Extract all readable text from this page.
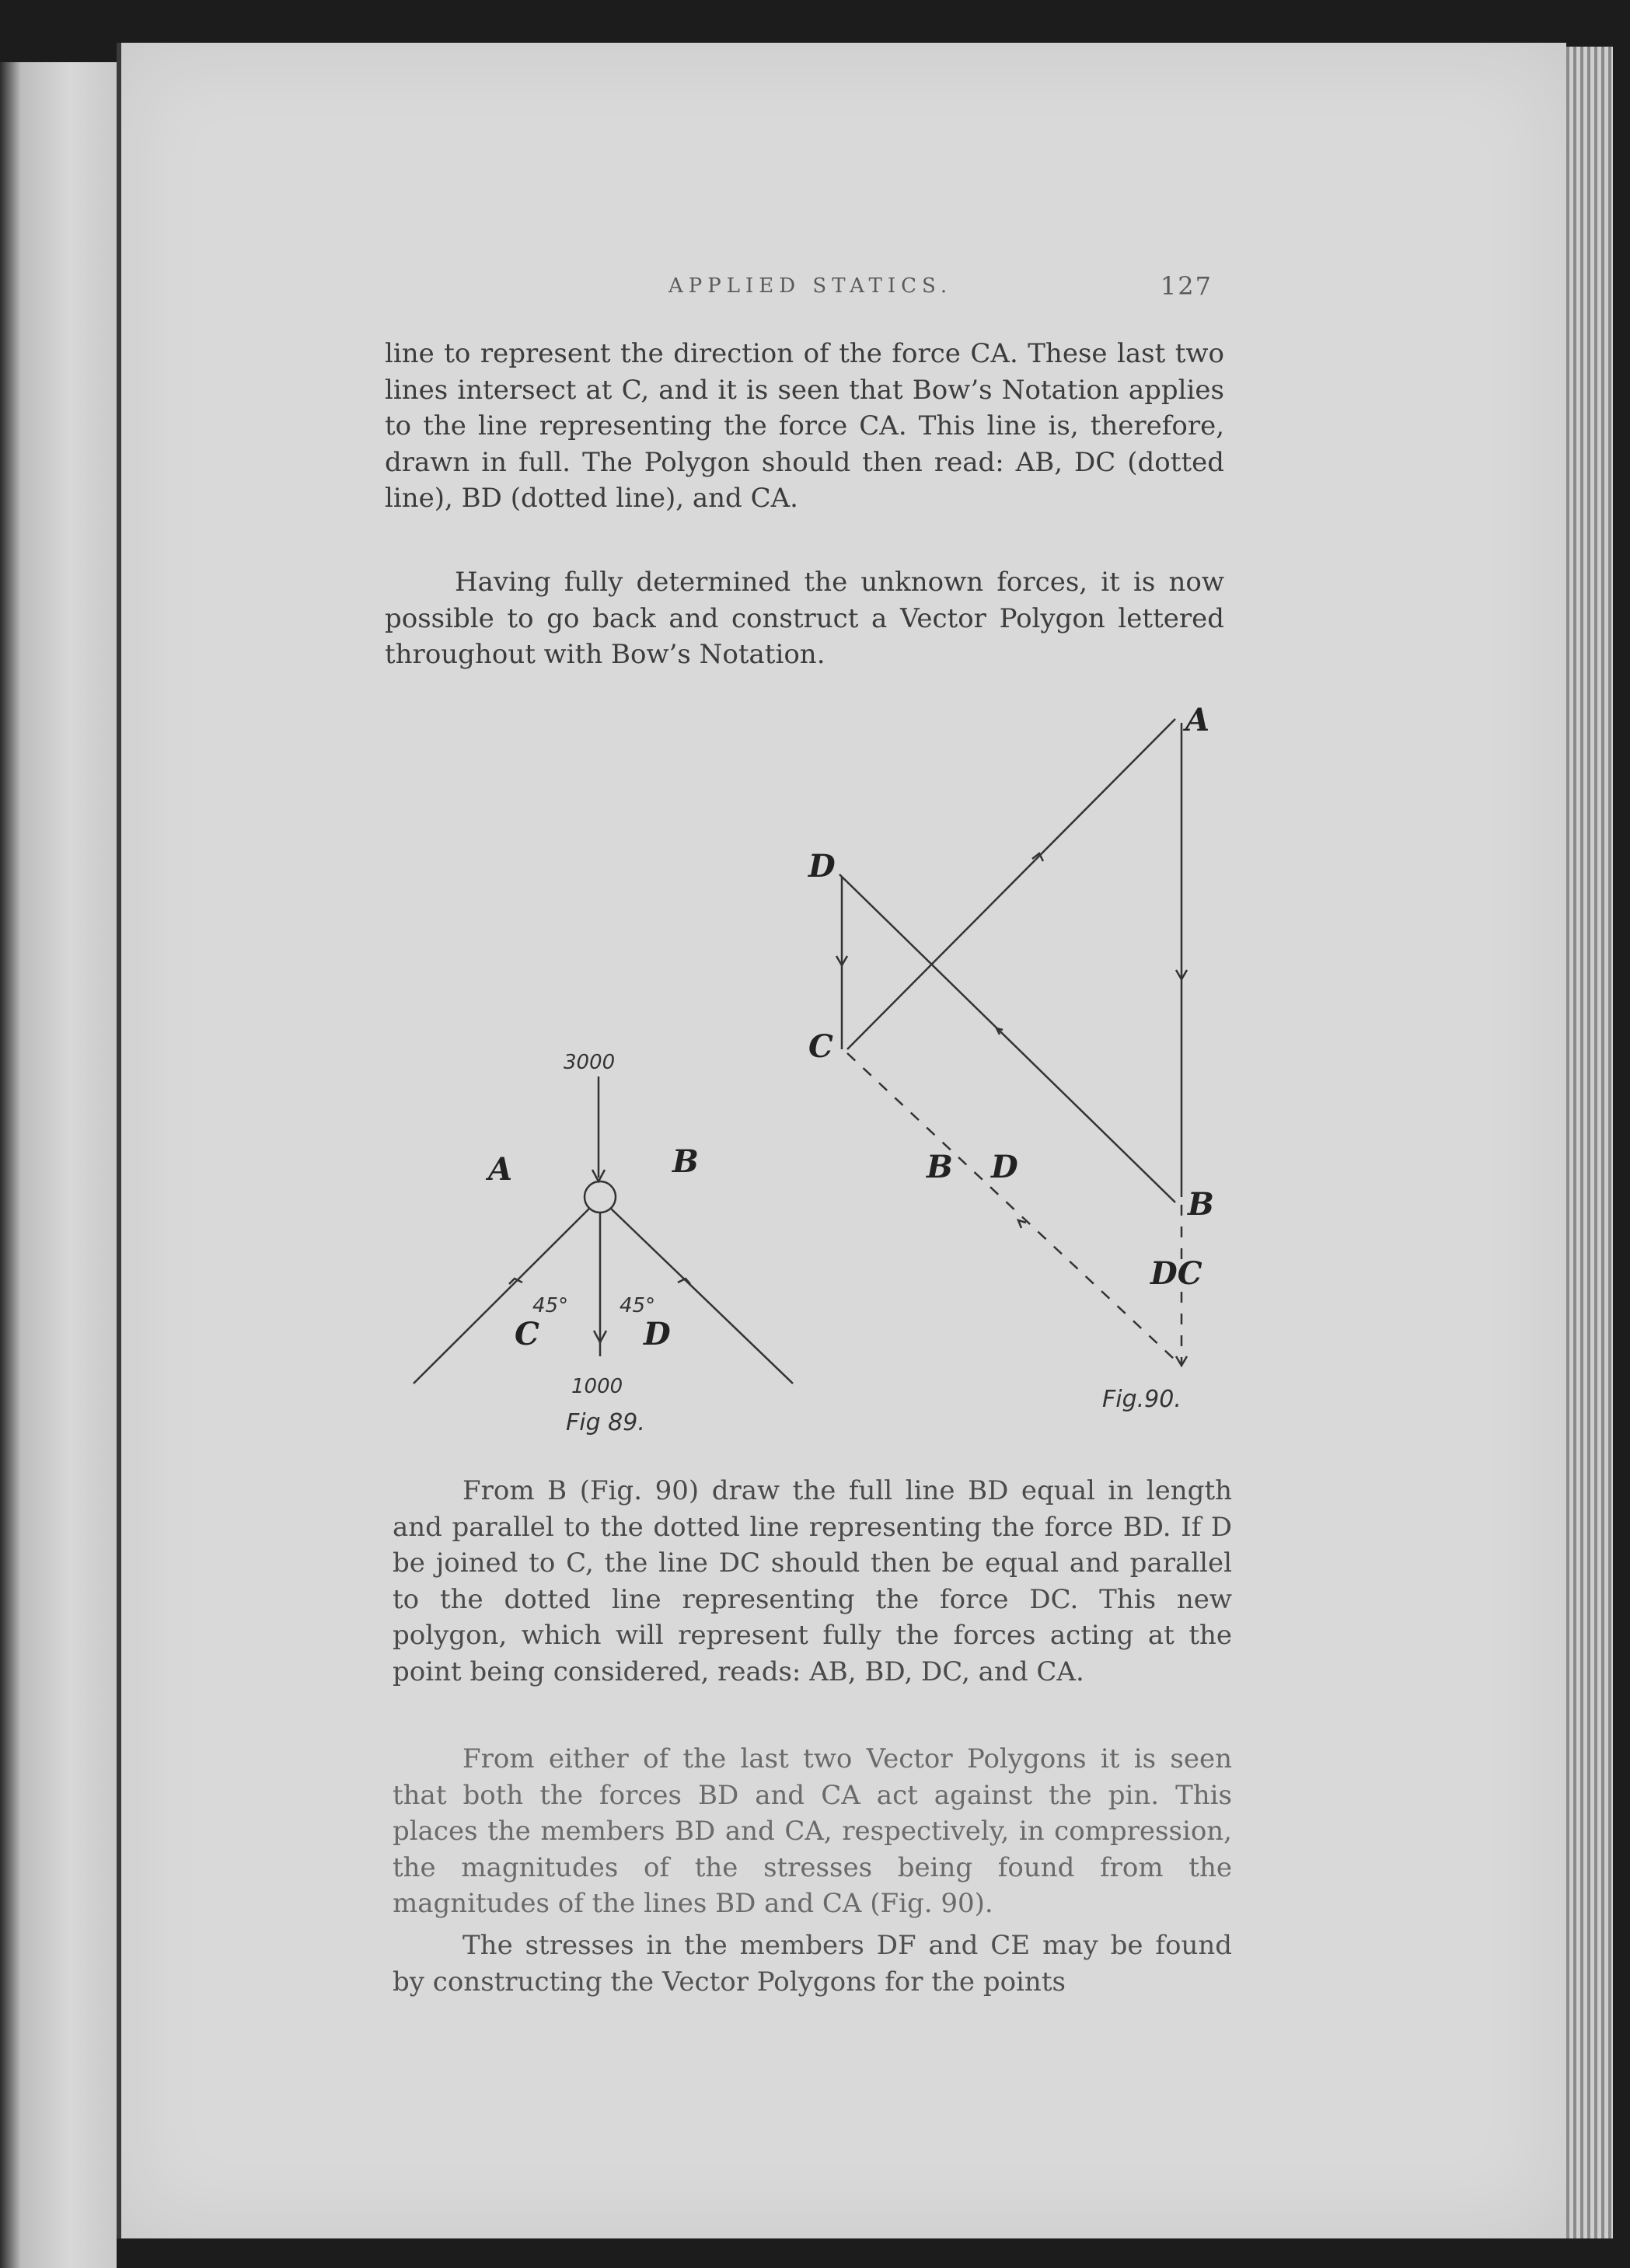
APPLIED STATICS.	127

line to represent the direction of the force CA. These last two lines intersect at C, and it is seen that Bow’s Notation applies to the line representing the force CA. This line is, therefore, drawn in full. The Polygon should then read: AB, DC (dotted line), BD (dotted line), and CA.

Having fully determined the unknown forces, it is now possible to go back and construct a Vector Polygon lettered throughout with Bow’s Notation.

3000
A	B
45°	45°
C	D
1000
Fig 89.
A
D
C
B D
B
DC
Fig.90.

From B (Fig. 90) draw the full line BD equal in length and parallel to the dotted line representing the force BD. If D be joined to C, the line DC should then be equal and parallel to the dotted line representing the force DC. This new polygon, which will represent fully the forces acting at the point being considered, reads: AB, BD, DC, and CA.

From either of the last two Vector Polygons it is seen that both the forces BD and CA act against the pin. This places the members BD and CA, respectively, in compression, the magnitudes of the stresses being found from the magnitudes of the lines BD and CA (Fig. 90).

The stresses in the members DF and CE may be found by constructing the Vector Polygons for the points
